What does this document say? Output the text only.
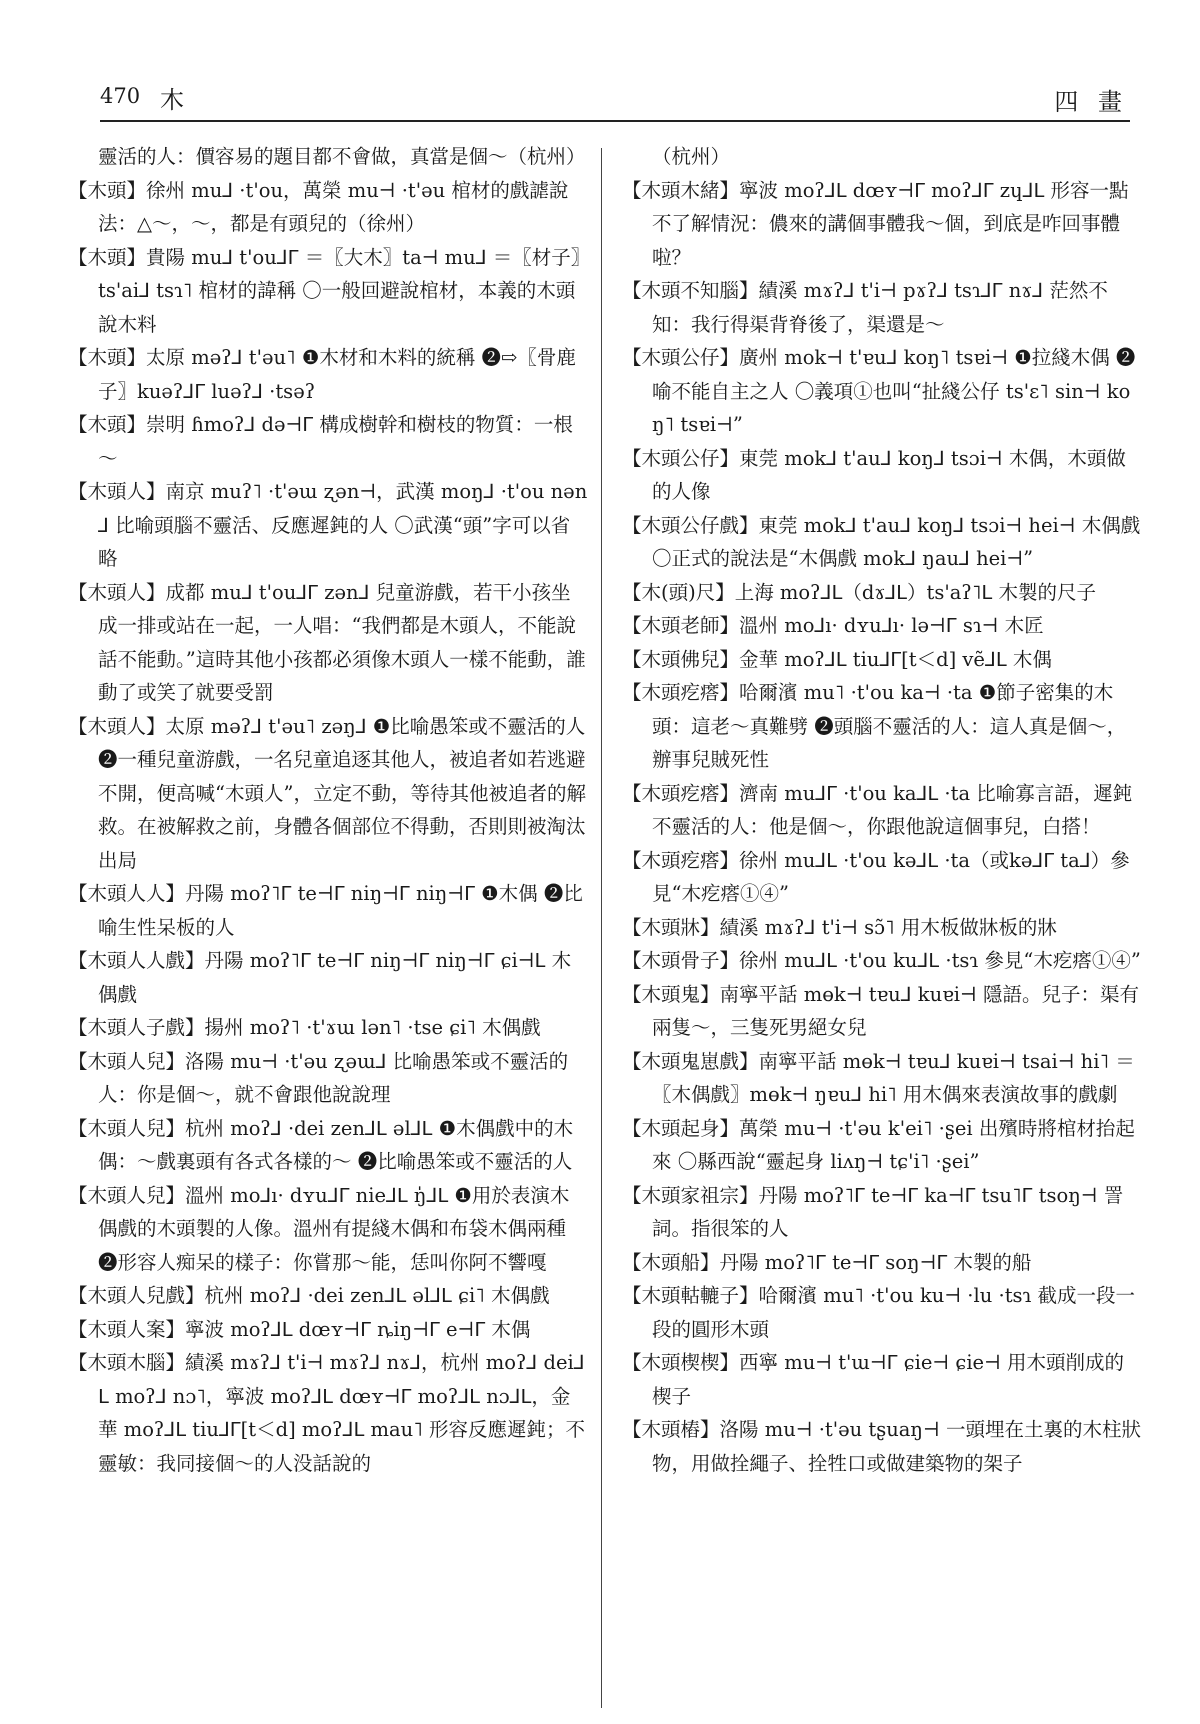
470 木	四 畫
靈活的人：價容易的題目都不會做，真當是個～（杭州）
【木頭】徐州 mu⅃ ·t'ou，萬榮 mu⊣ ·t'əu 棺材的戲謔說法：△～，～，都是有頭兒的（徐州）
【木頭】貴陽 mu⅃ t'ou⅃ᒥ ＝〖大木〗ta⊣ mu⅃ ＝〖材子〗ts'ai⅃ tsɿ˥ 棺材的諱稱 〇一般回避說棺材，本義的木頭說木料
【木頭】太原 məʔ⅃ t'əu˥ ❶木材和木料的統稱 ❷⇨〖骨鹿子〗kuəʔ⅃ᒥ luəʔ⅃ ·tsəʔ
【木頭】崇明 ɦmoʔ⅃ də⊣ᒥ 構成樹幹和樹枝的物質：一根～
【木頭人】南京 muʔ˥ ·t'əɯ ʐən⊣，武漢 moŋ⅃ ·t'ou nən⅃ 比喻頭腦不靈活、反應遲鈍的人 〇武漢“頭”字可以省略
【木頭人】成都 mu⅃ t'ou⅃ᒥ zən⅃ 兒童游戲，若干小孩坐成一排或站在一起，一人唱：“我們都是木頭人，不能說話不能動。”這時其他小孩都必須像木頭人一樣不能動，誰動了或笑了就要受罰
【木頭人】太原 məʔ⅃ t'əu˥ zəŋ⅃ ❶比喻愚笨或不靈活的人 ❷一種兒童游戲，一名兒童追逐其他人，被追者如若逃避不開，便高喊“木頭人”，立定不動，等待其他被追者的解救。在被解救之前，身體各個部位不得動，否則則被淘汰出局
【木頭人人】丹陽 moʔ˥ᒥ te⊣ᒥ niŋ⊣ᒥ niŋ⊣ᒥ ❶木偶 ❷比喻生性呆板的人
【木頭人人戲】丹陽 moʔ˥ᒥ te⊣ᒥ niŋ⊣ᒥ niŋ⊣ᒥ ɕi⊣ᒪ 木偶戲
【木頭人子戲】揚州 moʔ˥ ·t'ɤɯ lən˥ ·tse ɕi˥ 木偶戲
【木頭人兒】洛陽 mu⊣ ·t'əu ʐəɯ⅃ 比喻愚笨或不靈活的人：你是個～，就不會跟他說說理
【木頭人兒】杭州 moʔ⅃ ·dei zen⅃ᒪ əl⅃ᒪ ❶木偶戲中的木偶：～戲裏頭有各式各樣的～ ❷比喻愚笨或不靈活的人
【木頭人兒】溫州 mo⅃ı· dʏu⅃ᒥ nie⅃ᒪ ŋ̍⅃ᒪ ❶用於表演木偶戲的木頭製的人像。溫州有提綫木偶和布袋木偶兩種 ❷形容人痴呆的樣子：你嘗那～能，恁叫你阿不響嘎
【木頭人兒戲】杭州 moʔ⅃ ·dei zen⅃ᒪ əl⅃ᒪ ɕi˥ 木偶戲
【木頭人案】寧波 moʔ⅃ᒪ dœʏ⊣ᒥ ȵiŋ⊣ᒥ e⊣ᒥ 木偶
【木頭木腦】績溪 mɤʔ⅃ t'i⊣ mɤʔ⅃ nɤ⅃，杭州 moʔ⅃ dei⅃ᒪ moʔ⅃ nɔ˥，寧波 moʔ⅃ᒪ dœʏ⊣ᒥ moʔ⅃ᒪ nɔ⅃ᒪ，金華 moʔ⅃ᒪ tiu⅃ᒥ[t＜d] moʔ⅃ᒪ mau˥ 形容反應遲鈍；不靈敏：我同接個～的人没話說的
（杭州）
【木頭木緒】寧波 moʔ⅃ᒪ dœʏ⊣ᒥ moʔ⅃ᒥ zɥ⅃ᒪ 形容一點不了解情況：儂來的講個事體我～個，到底是咋回事體啦？
【木頭不知腦】績溪 mɤʔ⅃ t'i⊣ pɤʔ⅃ tsɿ⅃ᒥ nɤ⅃ 茫然不知：我行得渠背脊後了，渠還是～
【木頭公仔】廣州 mok⊣ t'ɐu⅃ koŋ˥ tsɐi⊣ ❶拉綫木偶 ❷喻不能自主之人 〇義項①也叫“扯綫公仔 ts'ɛ˥ sin⊣ koŋ˥ tsɐi⊣”
【木頭公仔】東莞 mok⅃ t'au⅃ koŋ⅃ tsɔi⊣ 木偶，木頭做的人像
【木頭公仔戲】東莞 mok⅃ t'au⅃ koŋ⅃ tsɔi⊣ hei⊣ 木偶戲 〇正式的說法是“木偶戲 mok⅃ ŋau⅃ hei⊣”
【木(頭)尺】上海 moʔ⅃ᒪ（dɤ⅃ᒪ）ts'aʔ˥ᒪ 木製的尺子
【木頭老師】溫州 mo⅃ı· dʏu⅃ı· lə⊣ᒥ sɿ⊣ 木匠
【木頭佛兒】金華 moʔ⅃ᒪ tiu⅃ᒥ[t＜d] vẽ⅃ᒪ 木偶
【木頭疙瘩】哈爾濱 mu˥ ·t'ou ka⊣ ·ta ❶節子密集的木頭：這老～真難劈 ❷頭腦不靈活的人：這人真是個～，辦事兒賊死性
【木頭疙瘩】濟南 mu⅃ᒥ ·t'ou ka⅃ᒪ ·ta 比喻寡言語，遲鈍不靈活的人：他是個～，你跟他說這個事兒，白搭！
【木頭疙瘩】徐州 mu⅃ᒪ ·t'ou kə⅃ᒪ ·ta（或kə⅃ᒥ ta⅃）參見“木疙瘩①④”
【木頭牀】績溪 mɤʔ⅃ t'i⊣ sɔ̃˥ 用木板做牀板的牀
【木頭骨子】徐州 mu⅃ᒪ ·t'ou ku⅃ᒪ ·tsɿ 參見“木疙瘩①④”
【木頭鬼】南寧平話 mɵk⊣ tɐu⅃ kuɐi⊣ 隱語。兒子：渠有兩隻～，三隻死男絕女兒
【木頭鬼崽戲】南寧平話 mɵk⊣ tɐu⅃ kuɐi⊣ tsai⊣ hi˥ ＝〖木偶戲〗mɵk⊣ ŋɐu⅃ hi˥ 用木偶來表演故事的戲劇
【木頭起身】萬榮 mu⊣ ·t'əu k'ei˥ ·ʂei 出殯時將棺材抬起來 〇縣西說“靈起身 liʌŋ⊣ tɕ'i˥ ·ʂei”
【木頭家祖宗】丹陽 moʔ˥ᒥ te⊣ᒥ ka⊣ᒥ tsu˥ᒥ tsoŋ⊣ 詈詞。指很笨的人
【木頭船】丹陽 moʔ˥ᒥ te⊣ᒥ soŋ⊣ᒥ 木製的船
【木頭軲轆子】哈爾濱 mu˥ ·t'ou ku⊣ ·lu ·tsɿ 截成一段一段的圓形木頭
【木頭楔楔】西寧 mu⊣ t'ɯ⊣ᒥ ɕie⊣ ɕie⊣ 用木頭削成的楔子
【木頭樁】洛陽 mu⊣ ·t'əu tʂuaŋ⊣ 一頭埋在土裏的木柱狀物，用做拴繩子、拴牲口或做建築物的架子
